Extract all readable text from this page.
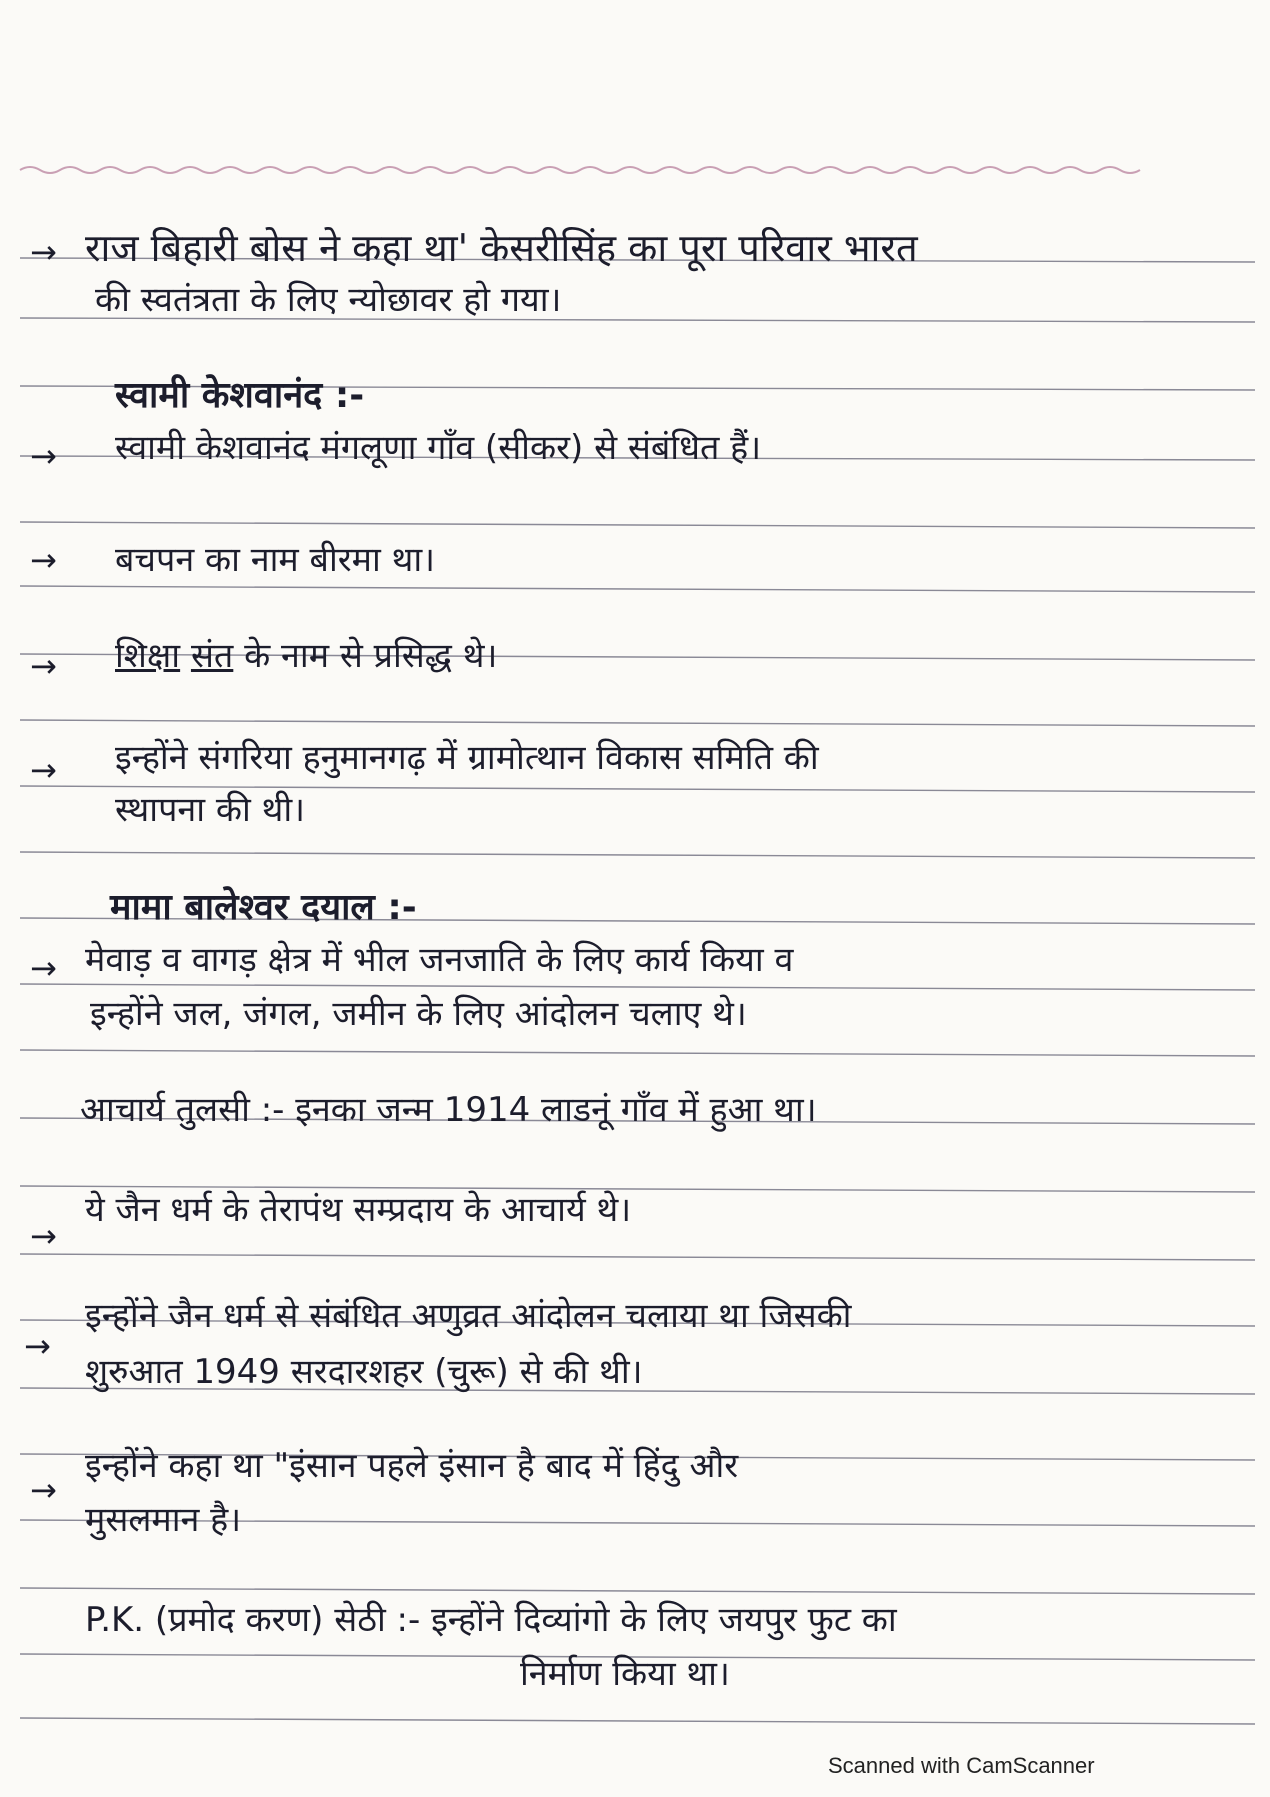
→ राज बिहारी बोस ने कहा था' केसरीसिंह का पूरा परिवार भारत

की स्वतंत्रता के लिए न्योछावर हो गया।

स्वामी केशवानंद :-

→ स्वामी केशवानंद मंगलूणा गाँव (सीकर) से संबंधित हैं।

→ बचपन का नाम बीरमा था।

→ शिक्षा संत के नाम से प्रसिद्ध थे।

→ इन्होंने संगरिया हनुमानगढ़ में ग्रामोत्थान विकास समिति की

स्थापना की थी।

मामा बालेश्वर दयाल :-

→ मेवाड़ व वागड़ क्षेत्र में भील जनजाति के लिए कार्य किया व

इन्होंने जल, जंगल, जमीन के लिए आंदोलन चलाए थे।

आचार्य तुलसी :- इनका जन्म 1914 लाडनूं गाँव में हुआ था।

→

ये जैन धर्म के तेरापंथ सम्प्रदाय के आचार्य थे।

→

इन्होंने जैन धर्म से संबंधित अणुव्रत आंदोलन चलाया था जिसकी

शुरुआत 1949 सरदारशहर (चुरू) से की थी।

→

इन्होंने कहा था "इंसान पहले इंसान है बाद में हिंदु और

मुसलमान है।

P.K. (प्रमोद करण) सेठी :- इन्होंने दिव्यांगो के लिए जयपुर फुट का

निर्माण किया था।

Scanned with CamScanner
